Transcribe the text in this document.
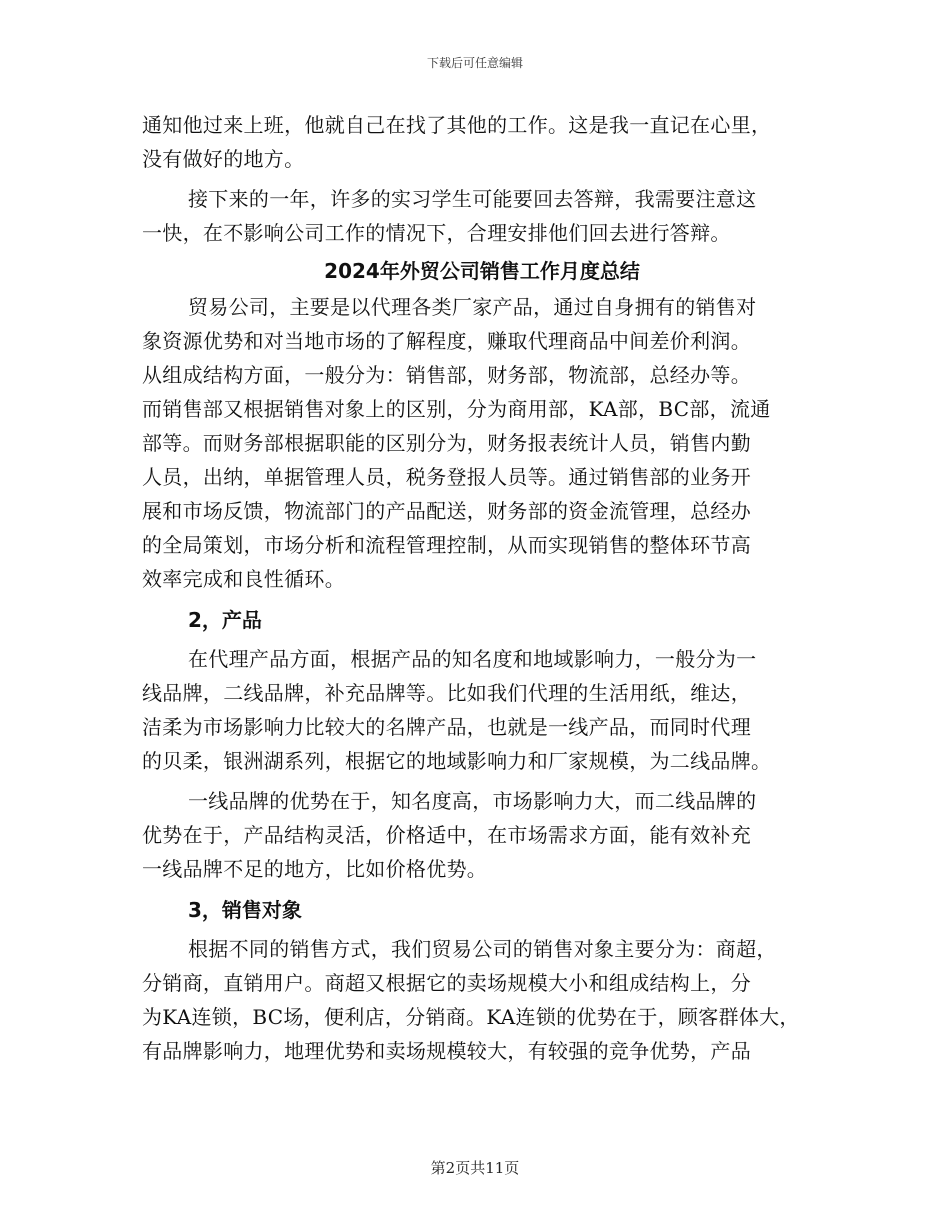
下载后可任意编辑
通知他过来上班，他就自己在找了其他的工作。这是我一直记在心里，
没有做好的地方。
接下来的一年，许多的实习学生可能要回去答辩，我需要注意这
一快，在不影响公司工作的情况下，合理安排他们回去进行答辩。
2024年外贸公司销售工作月度总结
贸易公司，主要是以代理各类厂家产品，通过自身拥有的销售对
象资源优势和对当地市场的了解程度，赚取代理商品中间差价利润。
从组成结构方面，一般分为：销售部，财务部，物流部，总经办等。
而销售部又根据销售对象上的区别，分为商用部，KA部，BC部，流通
部等。而财务部根据职能的区别分为，财务报表统计人员，销售内勤
人员，出纳，单据管理人员，税务登报人员等。通过销售部的业务开
展和市场反馈，物流部门的产品配送，财务部的资金流管理，总经办
的全局策划，市场分析和流程管理控制，从而实现销售的整体环节高
效率完成和良性循环。
2，产品
在代理产品方面，根据产品的知名度和地域影响力，一般分为一
线品牌，二线品牌，补充品牌等。比如我们代理的生活用纸，维达，
洁柔为市场影响力比较大的名牌产品，也就是一线产品，而同时代理
的贝柔，银洲湖系列，根据它的地域影响力和厂家规模，为二线品牌。
一线品牌的优势在于，知名度高，市场影响力大，而二线品牌的
优势在于，产品结构灵活，价格适中，在市场需求方面，能有效补充
一线品牌不足的地方，比如价格优势。
3，销售对象
根据不同的销售方式，我们贸易公司的销售对象主要分为：商超，
分销商，直销用户。商超又根据它的卖场规模大小和组成结构上，分
为KA连锁，BC场，便利店，分销商。KA连锁的优势在于，顾客群体大，
有品牌影响力，地理优势和卖场规模较大，有较强的竞争优势，产品
第2页共11页
